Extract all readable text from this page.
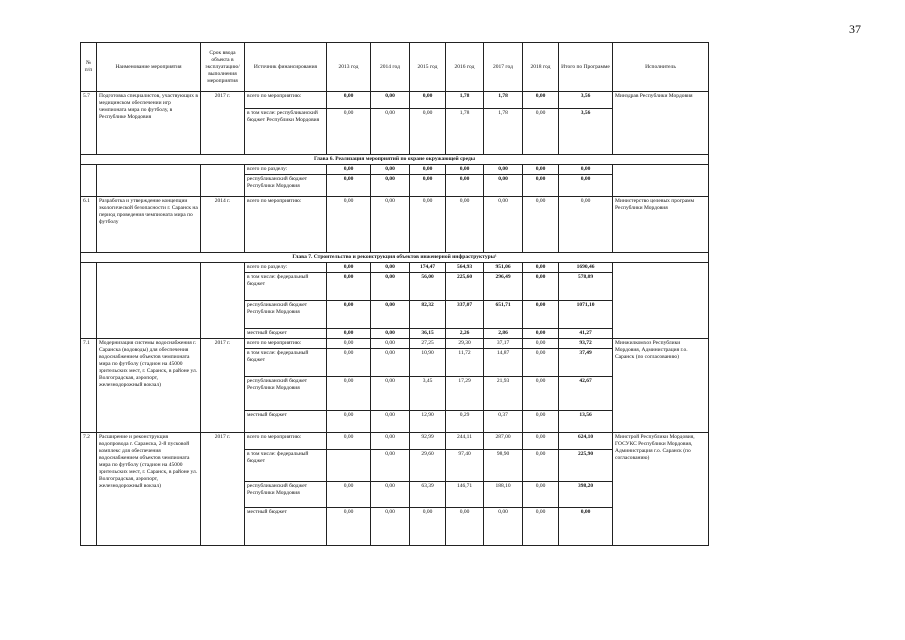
37
№ п/п	Наименование мероприятия	Срок ввода объекта в эксплуатацию/ выполнения мероприятия	Источник финансирования	2013 год	2014 год	2015 год	2016 год	2017 год	2018 год	Итого по Программе	Исполнитель
5.7	Подготовка специалистов, участвующих в медицинском обеспечении игр чемпионата мира по футболу, в Республике Мордовия	2017 г.	всего по мероприятию:	0,00	0,00	0,00	1,78	1,78	0,00	3,56	Минздрав Республики Мордовия
			в том числе: республиканский бюджет Республики Мордовия	0,00	0,00	0,00	1,78	1,78	0,00	3,56	
Глава 6. Реализация мероприятий по охране окружающей среды											
			всего по разделу:	0,00	0,00	0,00	0,00	0,00	0,00	0,00	
			республиканский бюджет Республики Мордовия	0,00	0,00	0,00	0,00	0,00	0,00	0,00	
6.1	Разработка и утверждение концепции экологической безопасности г. Саранск на период проведения чемпионата мира по футболу	2014 г.	всего по мероприятию:	0,00	0,00	0,00	0,00	0,00	0,00	0,00	Министерство целевых программ Республики Мордовия
Глава 7. Строительство и реконструкция объектов инженерной инфраструктуры¹											
			всего по разделу:	0,00	0,00	174,47	564,93	951,06	0,00	1690,46	
			в том числе: федеральный бюджет	0,00	0,00	56,00	225,60	296,49	0,00	578,09	
			республиканский бюджет Республики Мордовия	0,00	0,00	82,32	337,07	651,71	0,00	1071,10	
			местный бюджет	0,00	0,00	36,15	2,26	2,86	0,00	41,27	
7.1	Модернизация системы водоснабжения г. Саранска (водоводы) для обеспечения водоснабжением объектов чемпионата мира по футболу (стадион на 45000 зрительских мест, г. Саранск, в районе ул. Волгоградская, аэропорт, железнодорожный вокзал)	2017 г.	всего по мероприятию:	0,00	0,00	27,25	29,30	37,17	0,00	93,72	Минжилкомхоз Республики Мордовия, Администрация г.о. Саранск (по согласованию)
			в том числе: федеральный бюджет	0,00	0,00	10,90	11,72	14,87	0,00	37,49	
			республиканский бюджет Республики Мордовия	0,00	0,00	3,45	17,29	21,93	0,00	42,67	
			местный бюджет	0,00	0,00	12,90	0,29	0,37	0,00	13,56	
7.2	Расширение и реконструкция водопровода г. Саранска, 2-й пусковой комплекс для обеспечения водоснабжением объектов чемпионата мира по футболу (стадион на 45000 зрительских мест, г. Саранск, в районе ул. Волгоградская, аэропорт, железнодорожный вокзал)	2017 г.	всего по мероприятию:	0,00	0,00	92,99	244,11	287,00	0,00	624,10	Минстрой Республики Мордовия, ГОСУКС Республики Мордовия, Администрация г.о. Саранск (по согласованию)
			в том числе: федеральный бюджет		0,00	29,60	97,40	98,90	0,00	225,90	
			республиканский бюджет Республики Мордовия	0,00	0,00	63,39	146,71	188,10	0,00	398,20	
			местный бюджет	0,00	0,00	0,00	0,00	0,00	0,00	0,00	
